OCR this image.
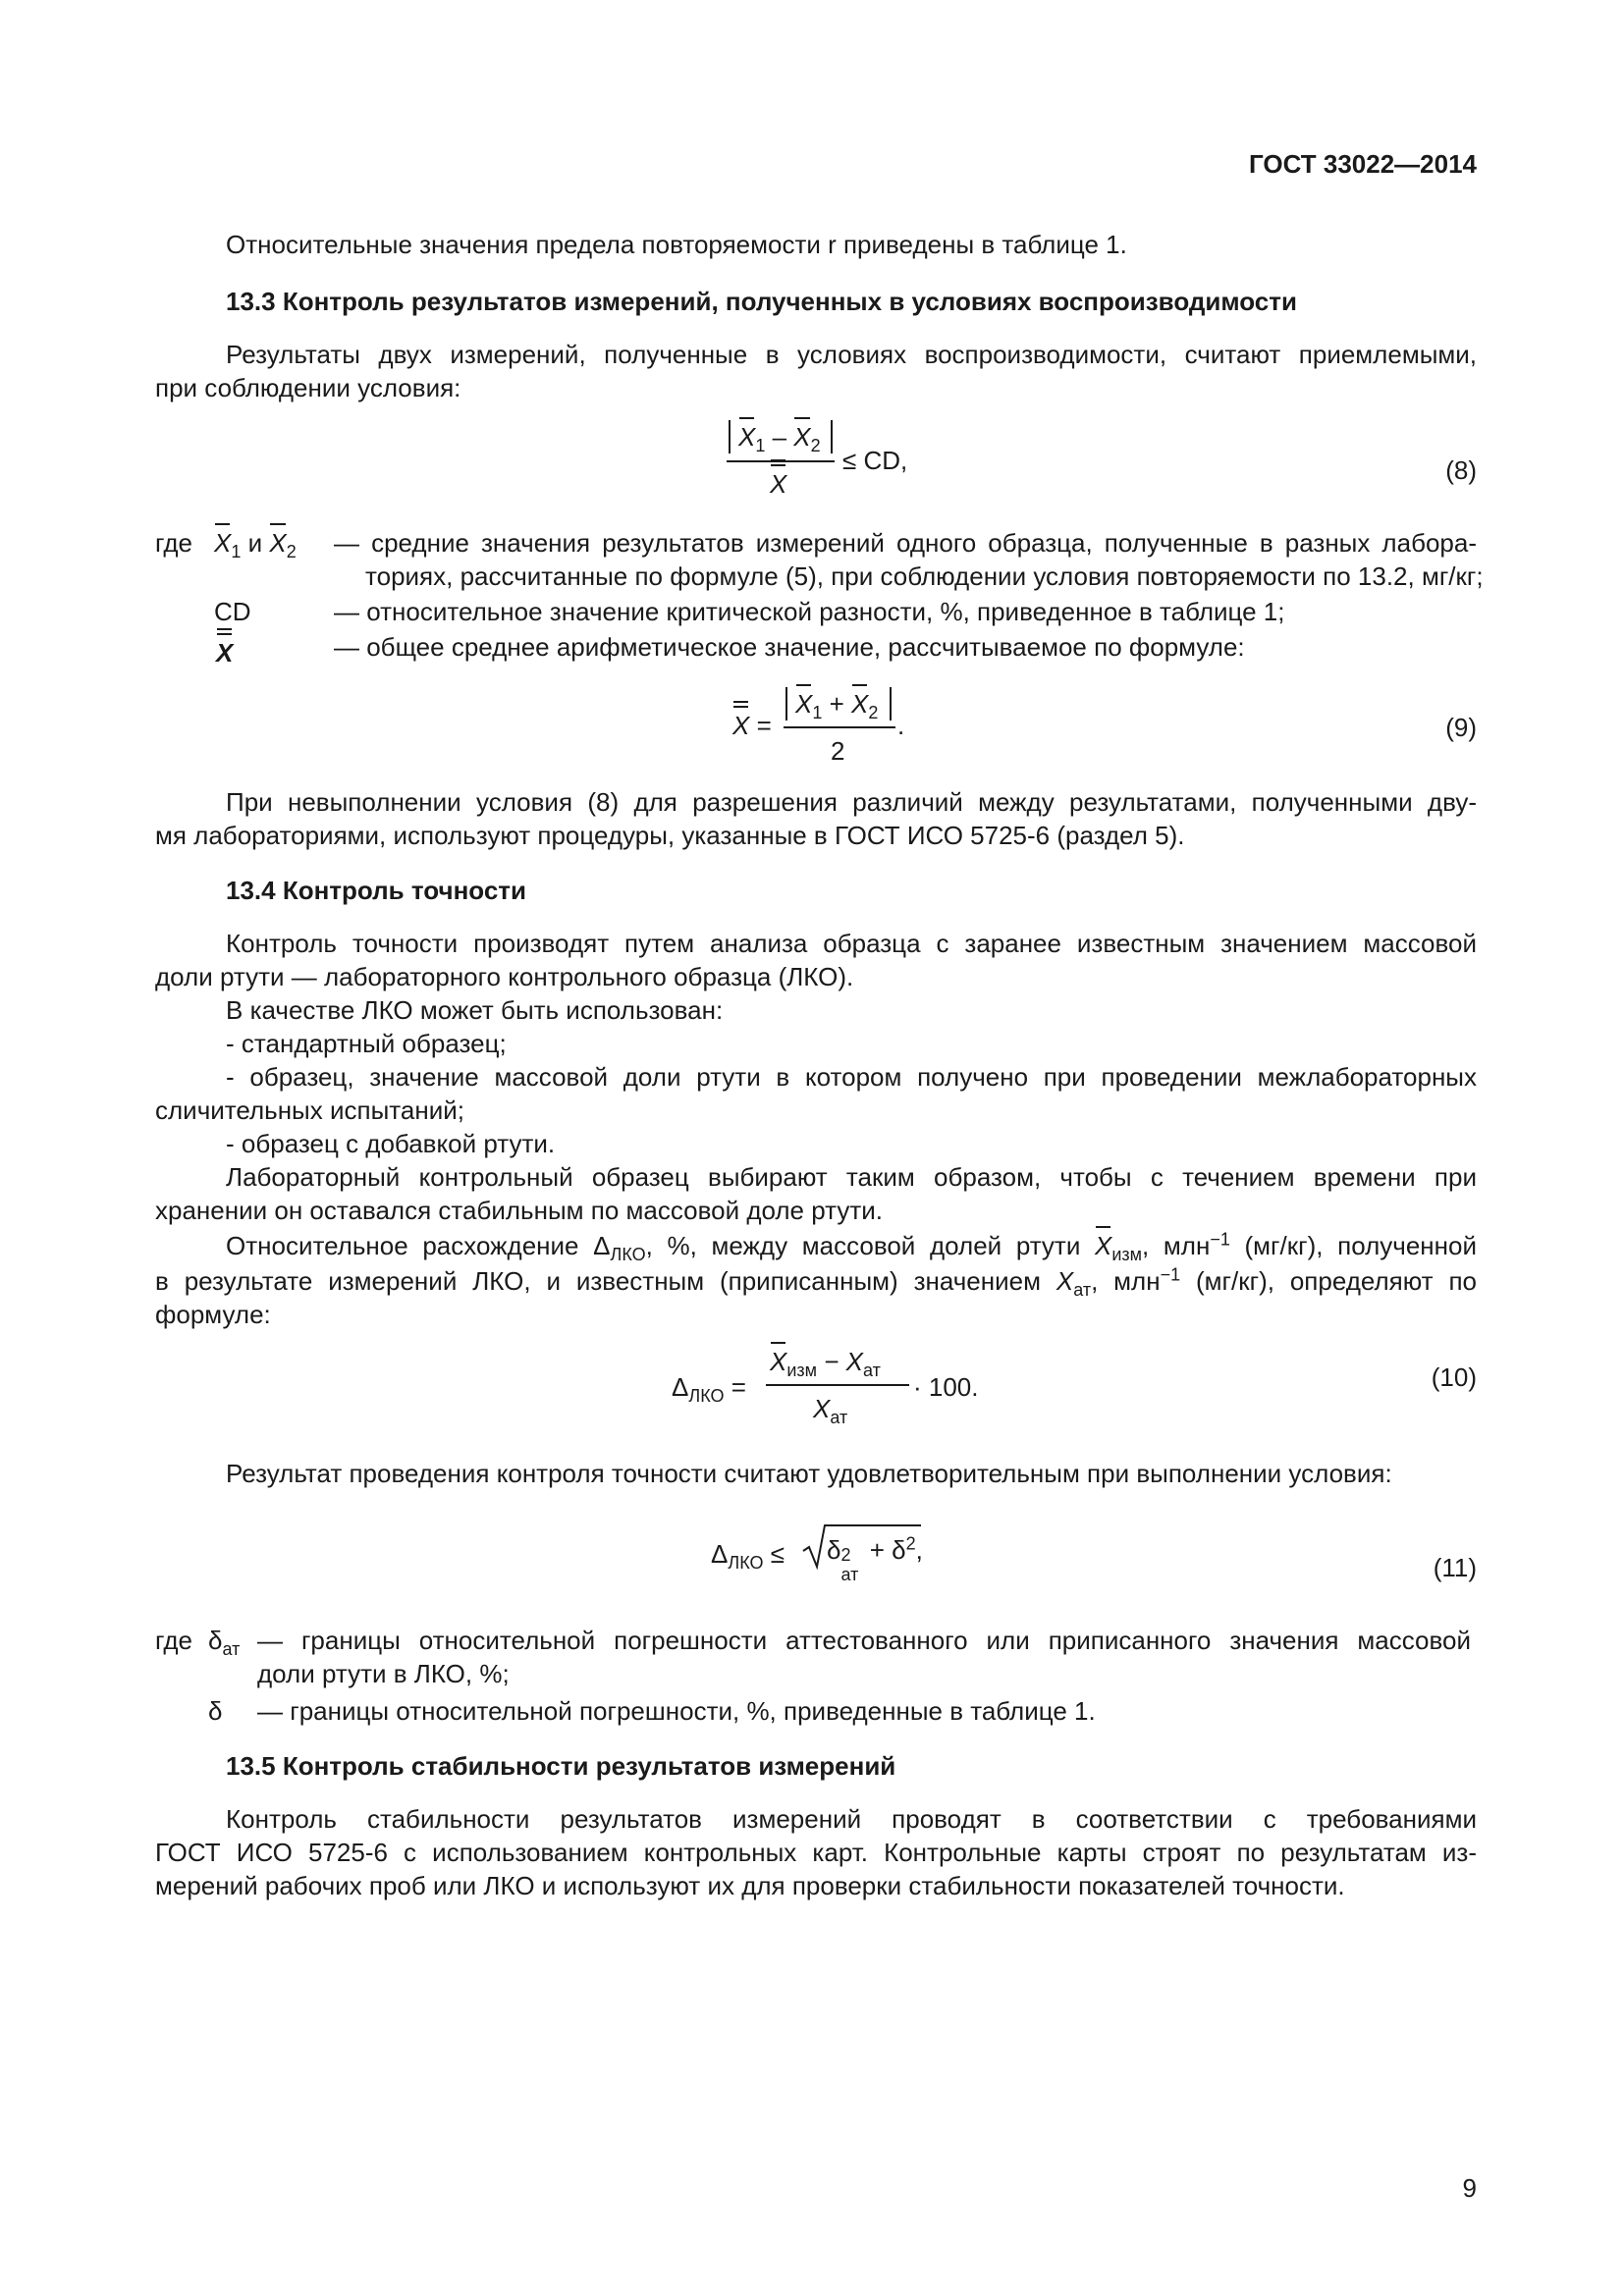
ГОСТ 33022—2014
Относительные значения предела повторяемости r приведены в таблице 1.
13.3 Контроль результатов измерений, полученных в условиях воспроизводимости
Результаты двух измерений, полученные в условиях воспроизводимости, считают приемлемыми,
при соблюдении условия:
$X_1 - X_2$
X
≤ CD,	(8)
где $X_1$ и $X_2$ — средние значения результатов измерений одного образца, полученные в разных лабора-
ториях, рассчитанные по формуле (5), при соблюдении условия повторяемости по 13.2, мг/кг;
CD	— относительное значение критической разности, %, приведенное в таблице 1;
X	— общее среднее арифметическое значение, рассчитываемое по формуле:
X =
$X_1 + X_2$
2
.	(9)
При невыполнении условия (8) для разрешения различий между результатами, полученными дву-
мя лабораториями, используют процедуры, указанные в ГОСТ ИСО 5725-6 (раздел 5).
13.4 Контроль точности
Контроль точности производят путем анализа образца с заранее известным значением массовой
доли ртути — лабораторного контрольного образца (ЛКО).
В качестве ЛКО может быть использован:
- стандартный образец;
- образец, значение массовой доли ртути в котором получено при проведении межлабораторных
сличительных испытаний;
- образец с добавкой ртути.
Лабораторный контрольный образец выбирают таким образом, чтобы с течением времени при
хранении он оставался стабильным по массовой доле ртути.
Относительное расхождение $\Delta_{ЛКО}$, %, между массовой долей ртути $X_{изм}$, млн$^{-1}$ (мг/кг), полученной
в результате измерений ЛКО, и известным (приписанным) значением $X_{ат}$, млн$^{-1}$ (мг/кг), определяют по
формуле:
$\Delta_{ЛКО}$ =
$X_{изм} - X_{ат}$
$X_{ат}$
· 100.	(10)
Результат проведения контроля точности считают удовлетворительным при выполнении условия:
$\Delta_{ЛКО} \le \delta$ 2
ат
+ $\delta^2$,
(11)
где $\delta_{ат}$ — границы относительной погрешности аттестованного или приписанного значения массовой
доли ртути в ЛКО, %;
δ — границы относительной погрешности, %, приведенные в таблице 1.
13.5 Контроль стабильности результатов измерений
Контроль стабильности результатов измерений проводят в соответствии с требованиями
ГОСТ ИСО 5725-6 с использованием контрольных карт. Контрольные карты строят по результатам из-
мерений рабочих проб или ЛКО и используют их для проверки стабильности показателей точности.
9
